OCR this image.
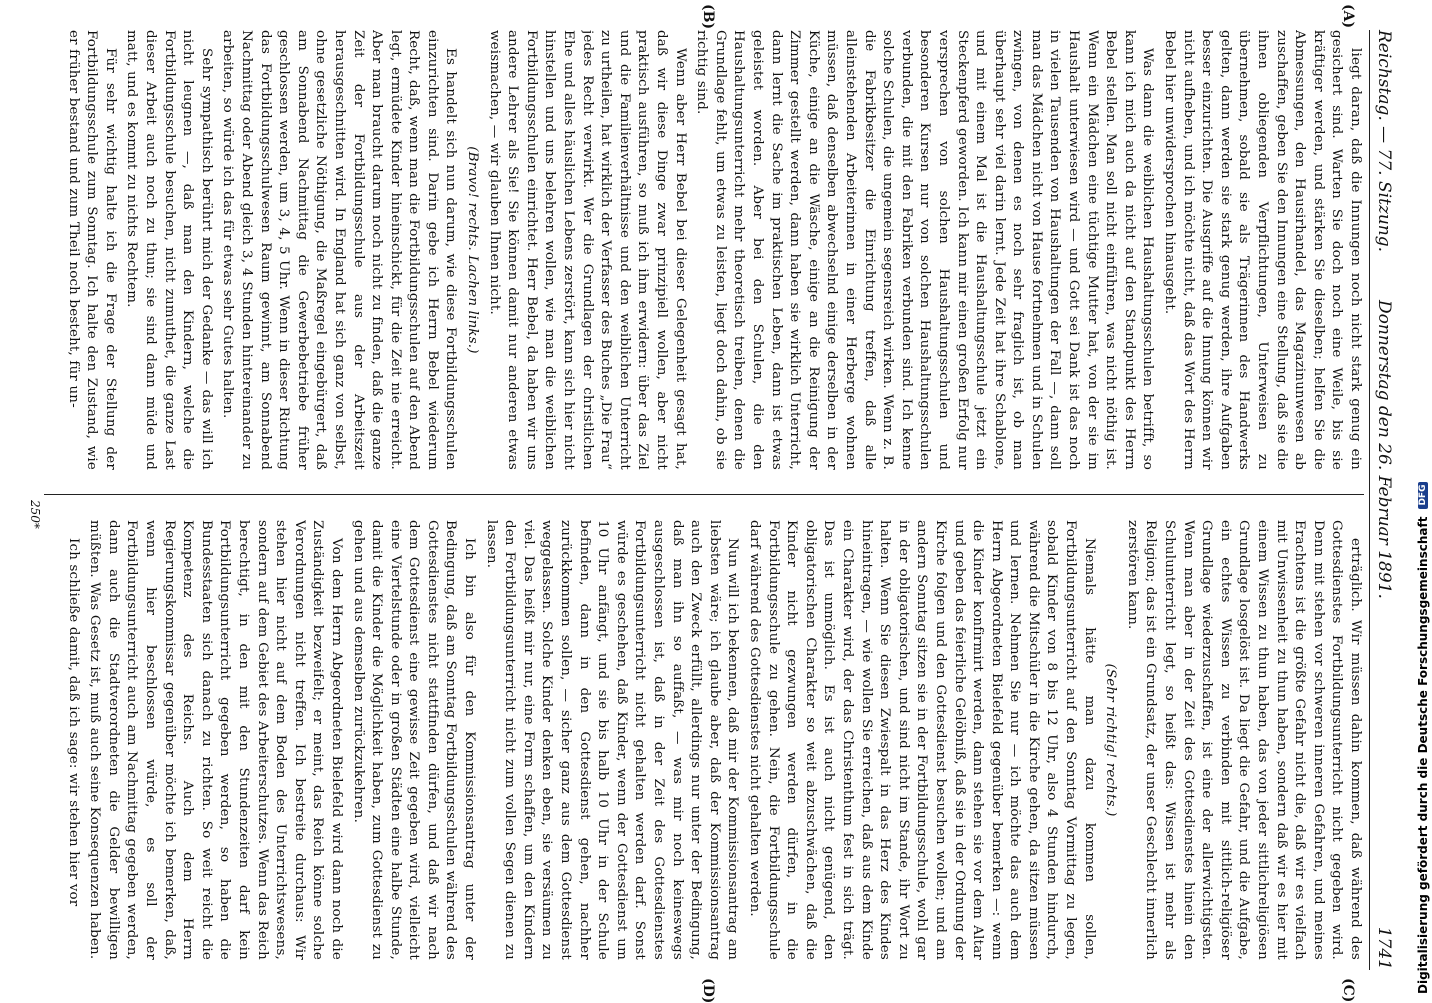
Reichstag. — 77. Sitzung.
Donnerstag den 26. Februar 1891.
1741
(A)
(B)
(C)
(D)

liegt daran, daß die Innungen noch nicht stark genug ein gesichert sind. Warten Sie doch noch eine Weile, bis sie kräftiger werden, und stärken Sie dieselben; helfen Sie die Abmessungen, den Hausirhandel, das Magazinunwesen ab zuschaffen, geben Sie den Innungen eine Stellung, daß sie die ihnen obliegenden Verpflichtungen, Unterweisen zu übernehmen, sobald sie als Trägerinnen des Handwerks gelten, dann werden sie stark genug werden, ihre Aufgaben besser einzurichten. Die Ausgriffe auf die Innung können wir nicht aufheben, und ich möchte nicht, daß das Wort des Herrn Bebel hier unwidersprochen hinausgeht.

Was dann die weiblichen Haushaltungsschulen betrifft, so kann ich mich auch da nicht auf den Standpunkt des Herrn Bebel stellen. Man soll nicht einführen, was nicht nöthig ist. Wenn ein Mädchen eine tüchtige Mutter hat, von der sie im Haushalt unterwiesen wird — und Gott sei Dank ist das noch in vielen Tausenden von Haushaltungen der Fall —, dann soll man das Mädchen nicht von Hause fortnehmen und in Schulen zwingen, von denen es noch sehr fraglich ist, ob man überhaupt sehr viel darin lernt. Jede Zeit hat ihre Schablone, und mit einem Mal ist die Haushaltungsschule jetzt ein Steckenpferd geworden. Ich kann mir einen großen Erfolg nur versprechen von solchen Haushaltungsschulen und besonderen Kursen nur von solchen Haushaltungsschulen verbunden, die mit den Fabriken verbunden sind. Ich kenne solche Schulen, die ungemein segensreich wirken. Wenn z. B. die Fabrikbesitzer die Einrichtung treffen, daß alle alleinstehenden Arbeiterinnen in einer Herberge wohnen müssen, daß denselben abwechselnd einige derselben in der Küche, einige an die Wäsche, einige an die Reinigung der Zimmer gestellt werden, dann haben sie wirklich Unterricht, dann lernt die Sache im praktischen Leben, dann ist etwas geleistet worden. Aber bei den Schulen, die den Haushaltungsunterricht mehr theoretisch treiben, denen die Grundlage fehlt, um etwas zu leisten, liegt doch dahin, ob sie richtig sind.

Wenn aber Herr Bebel bei dieser Gelegenheit gesagt hat, daß wir diese Dinge zwar prinzipiell wollen, aber nicht praktisch ausführen, so muß ich ihm erwidern: über das Ziel und die Familienverhältnisse und den weiblichen Unterricht zu urtheilen, hat wirklich der Verfasser des Buches „Die Frau“ jedes Recht verwirkt. Wer die Grundlagen der christlichen Ehe und alles häuslichen Lebens zerstört, kann sich hier nicht hinstellen und uns belehren wollen, wie man die weiblichen Fortbildungsschulen einrichtet. Herr Bebel, da haben wir uns andere Lehrer als Sie! Sie können damit nur anderen etwas weismachen, — wir glauben Ihnen nicht.

(Bravo! rechts. Lachen links.)

Es handelt sich nun darum, wie diese Fortbildungsschulen einzurichten sind. Darin gebe ich Herrn Bebel wiederum Recht, daß, wenn man die Fortbildungsschulen auf den Abend legt, ermüdete Kinder hineinschickt, für die Zeit nie erreicht. Aber man braucht darum noch nicht zu finden, daß die ganze Zeit der Fortbildungsschule aus der Arbeitszeit herausgeschnitten wird. In England hat sich ganz von selbst, ohne gesetzliche Nöthigung, die Maßregel eingebürgert, daß am Sonnabend Nachmittag die Gewerbebetriebe früher geschlossen werden, um 3, 4, 5 Uhr. Wenn in dieser Richtung das Fortbildungsschulwesen Raum gewinnt, am Sonnabend Nachmittag oder Abend gleich 3, 4 Stunden hintereinander zu arbeiten, so würde ich das für etwas sehr Gutes halten.

Sehr sympathisch berührt mich der Gedanke — das will ich nicht leugnen —, daß man den Kindern, welche die Fortbildungsschule besuchen, nicht zumuthet, die ganze Last dieser Arbeit auch noch zu thun; sie sind dann müde und matt, und es kommt zu nichts Rechtem.

Für sehr wichtig halte ich die Frage der Stellung der Fortbildungsschule zum Sonntag. Ich halte den Zustand, wie er früher bestand und zum Theil noch besteht, für un-

erträglich. Wir müssen dahin kommen, daß während des Gottesdienstes Fortbildungsunterricht nicht gegeben wird. Denn mit stehen vor schweren inneren Gefahren, und meines Erachtens ist die größte Gefahr nicht die, daß wir es vielfach mit Unwissenheit zu thun haben, sondern daß wir es hier mit einem Wissen zu thun haben, das von jeder sittlichreligiösen Grundlage losgelöst ist. Da liegt die Gefahr, und die Aufgabe, ein echtes Wissen zu verbinden mit sittlich-religiöser Grundlage wiederzuschaffen, ist eine der allerwichtigsten. Wenn man aber in der Zeit des Gottesdienstes hinein den Schulunterricht legt, so heißt das: Wissen ist mehr als Religion; das ist ein Grundsatz, der unser Geschlecht innerlich zerstören kann.

(Sehr richtig! rechts.)

Niemals hätte man dazu kommen sollen, Fortbildungsunterricht auf den Sonntag Vormittag zu legen, sobald Kinder von 8 bis 12 Uhr, also 4 Stunden hindurch, während die Mitschüler in die Kirche gehen, da sitzen müssen und lernen. Nehmen Sie nur — ich möchte das auch dem Herrn Abgeordneten Bielefeld gegenüber bemerken —: wenn die Kinder konfirmirt werden, dann stehen sie vor dem Altar und geben das feierliche Gelöbniß, daß sie in der Ordnung der Kirche folgen und den Gottesdienst besuchen wollen; und am andern Sonntag sitzen sie in der Fortbildungsschule, wohl gar in der obligatorischen, und sind nicht im Stande, ihr Wort zu halten. Wenn Sie diesen Zwiespalt in das Herz des Kindes hineintragen, — wie wollen Sie erreichen, daß aus dem Kinde ein Charakter wird, der das Christenthum fest in sich trägt. Das ist unmöglich. Es ist auch nicht genügend, den obligatorischen Charakter so weit abzuschwächen, daß die Kinder nicht gezwungen werden dürfen, in die Fortbildungsschule zu gehen. Nein, die Fortbildungsschule darf während des Gottesdienstes nicht gehalten werden.

Nun will ich bekennen, daß mir der Kommissionsantrag am liebsten wäre; ich glaube aber, daß der Kommissionsantrag auch den Zweck erfüllt, allerdings nur unter der Bedingung, daß man ihn so auffaßt, — was mir noch keineswegs ausgeschlossen ist, daß in der Zeit des Gottesdienstes Fortbildungsunterricht nicht gehalten werden darf. Sonst würde es geschehen, daß Kinder, wenn der Gottesdienst um 10 Uhr anfängt, und sie bis halb 10 Uhr in der Schule befinden, dann in den Gottesdienst gehen, nachher zurückkommen sollen, — sicher ganz aus dem Gottesdienst weggelassen. Solche Kinder denken eben, sie versäumen zu viel. Das heißt mir nur, eine Form schaffen, um den Kindern den Fortbildungsunterricht nicht zum vollen Segen dienen zu lassen.

Ich bin also für den Kommissionsantrag unter der Bedingung, daß am Sonntag Fortbildungsschulen während des Gottesdienstes nicht stattfinden dürfen, und daß wir nach dem Gottesdienst eine gewisse Zeit gegeben wird, vielleicht eine Viertelstunde oder in großen Städten eine halbe Stunde, damit die Kinder die Möglichkeit haben, zum Gottesdienst zu gehen und aus demselben zurückzukehren.

Von dem Herrn Abgeordneten Bielefeld wird dann noch die Zuständigkeit bezweifelt; er meint, das Reich könne solche Verordnungen nicht treffen. Ich bestreite durchaus: Wir stehen hier nicht auf dem Boden des Unterrichtswesens, sondern auf dem Gebiet des Arbeiterschutzes. Wenn das Reich berechtigt, in den mit den Stundenzeiten darf kein Fortbildungsunterricht gegeben werden, so haben die Bundesstaaten sich danach zu richten. So weit reicht die Kompetenz des Reichs. Auch dem Herrn Regierungskommissar gegenüber möchte ich bemerken, daß, wenn hier beschlossen würde, es soll der Fortbildungsunterricht auch am Nachmittag gegeben werden, dann auch die Stadtverordneten die Gelder bewilligen müßten. Was Gesetz ist, muß auch seine Konsequenzen haben.

Ich schließe damit, daß ich sage: wir stehen hier vor

250*
Digitalisierung gefördert durch die Deutsche Forschungsgemeinschaft
DFG
